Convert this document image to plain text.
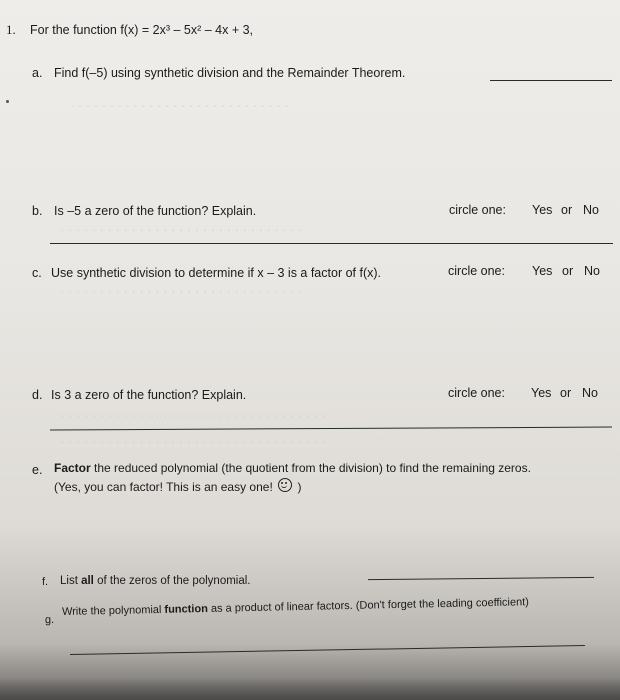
· · · · · · · · · · · · · · · · · · · · · · · · · · · ·
· · · · · · · · · · · · · · · · · · · · · · · · · · · · · · ·
· · · · · · · · · · · · · · · · · · · · · · · · · · · · · · ·
· · · · · · · · · · · · · · · · · · · · · · · · · · · · · · · · · ·
· · · · · · · · · · · · · · · · · · · · · · · · · · · · · · · · · ·
1. For the function f(x) = 2x³ – 5x² – 4x + 3,
a. Find f(–5) using synthetic division and the Remainder Theorem.
b. Is –5 a zero of the function? Explain.	circle one: Yes or No
c. Use synthetic division to determine if x – 3 is a factor of f(x).	circle one: Yes or No
d. Is 3 a zero of the function? Explain.	circle one: Yes or No
e. Factor the reduced polynomial (the quotient from the division) to find the remaining zeros.
(Yes, you can factor! This is an easy one! )
f. List all of the zeros of the polynomial.
g.
Write the polynomial function as a product of linear factors. (Don't forget the leading coefficient)
